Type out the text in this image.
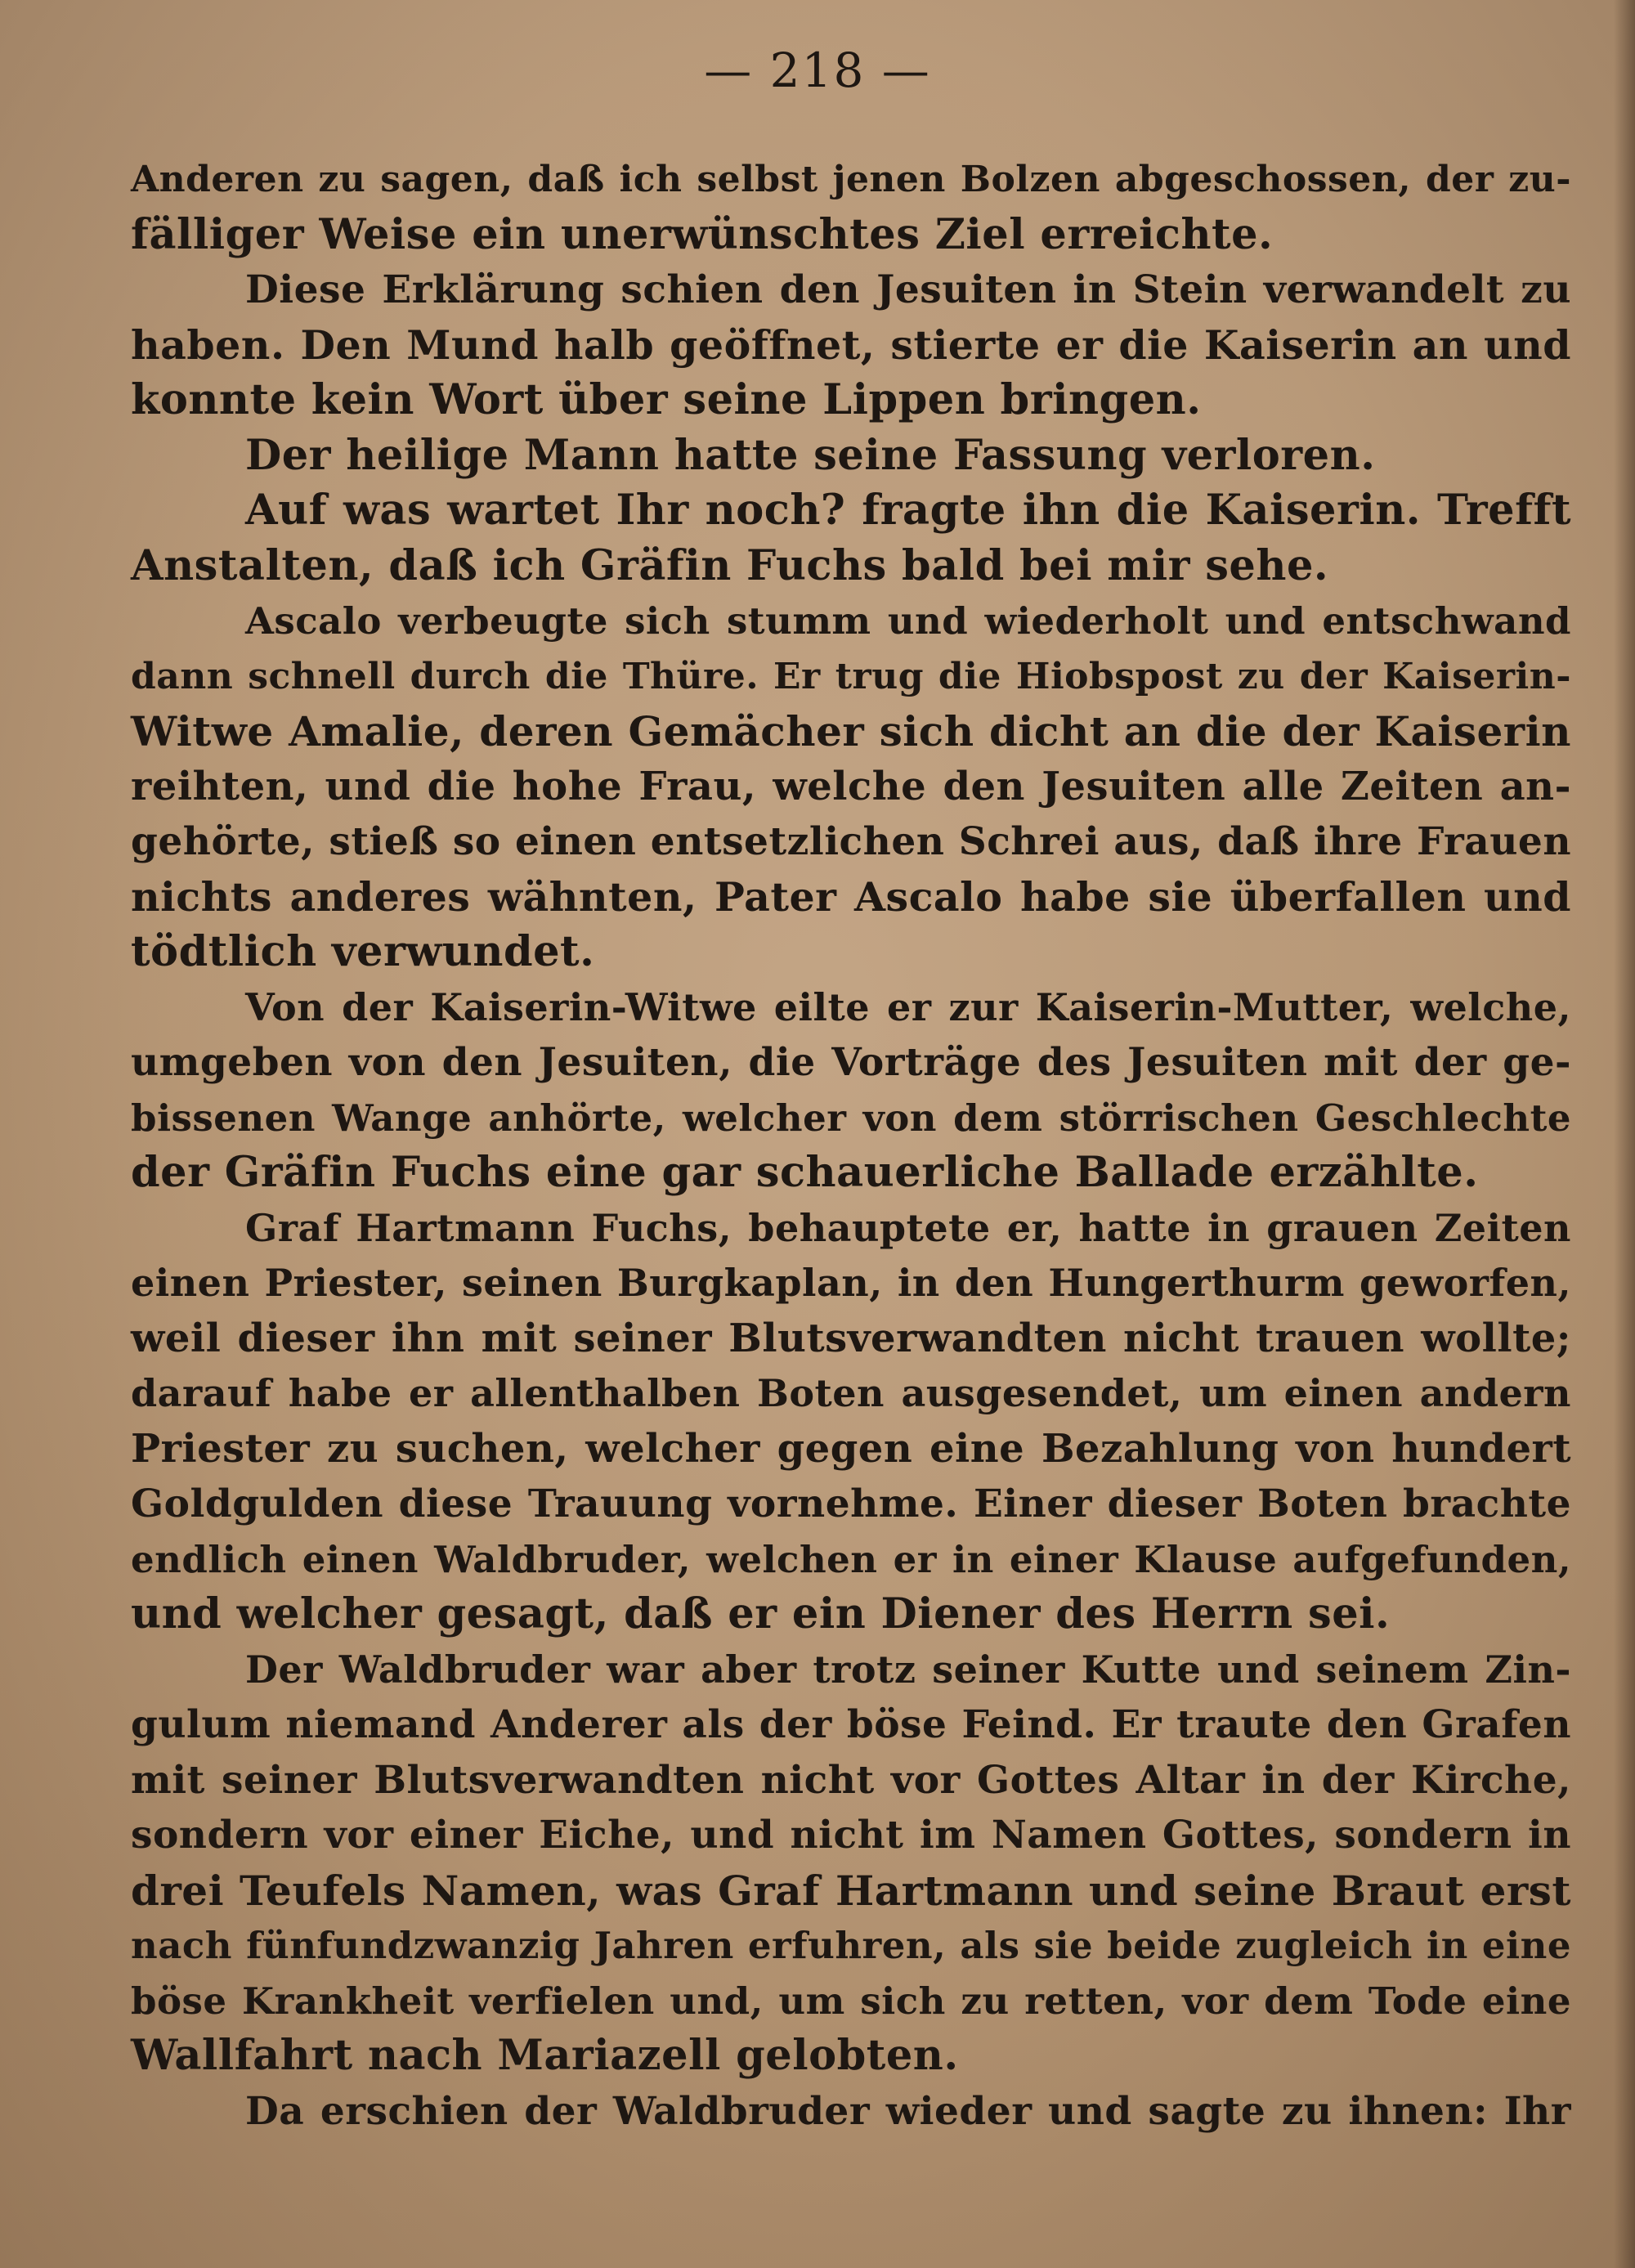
— 218 —
Anderen zu sagen, daß ich selbst jenen Bolzen abgeschossen, der zu-
fälliger Weise ein unerwünschtes Ziel erreichte.
Diese Erklärung schien den Jesuiten in Stein verwandelt zu
haben. Den Mund halb geöffnet, stierte er die Kaiserin an und
konnte kein Wort über seine Lippen bringen.
Der heilige Mann hatte seine Fassung verloren.
Auf was wartet Ihr noch? fragte ihn die Kaiserin. Trefft
Anstalten, daß ich Gräfin Fuchs bald bei mir sehe.
Ascalo verbeugte sich stumm und wiederholt und entschwand
dann schnell durch die Thüre. Er trug die Hiobspost zu der Kaiserin-
Witwe Amalie, deren Gemächer sich dicht an die der Kaiserin
reihten, und die hohe Frau, welche den Jesuiten alle Zeiten an-
gehörte, stieß so einen entsetzlichen Schrei aus, daß ihre Frauen
nichts anderes wähnten, Pater Ascalo habe sie überfallen und
tödtlich verwundet.
Von der Kaiserin-Witwe eilte er zur Kaiserin-Mutter, welche,
umgeben von den Jesuiten, die Vorträge des Jesuiten mit der ge-
bissenen Wange anhörte, welcher von dem störrischen Geschlechte
der Gräfin Fuchs eine gar schauerliche Ballade erzählte.
Graf Hartmann Fuchs, behauptete er, hatte in grauen Zeiten
einen Priester, seinen Burgkaplan, in den Hungerthurm geworfen,
weil dieser ihn mit seiner Blutsverwandten nicht trauen wollte;
darauf habe er allenthalben Boten ausgesendet, um einen andern
Priester zu suchen, welcher gegen eine Bezahlung von hundert
Goldgulden diese Trauung vornehme. Einer dieser Boten brachte
endlich einen Waldbruder, welchen er in einer Klause aufgefunden,
und welcher gesagt, daß er ein Diener des Herrn sei.
Der Waldbruder war aber trotz seiner Kutte und seinem Zin-
gulum niemand Anderer als der böse Feind. Er traute den Grafen
mit seiner Blutsverwandten nicht vor Gottes Altar in der Kirche,
sondern vor einer Eiche, und nicht im Namen Gottes, sondern in
drei Teufels Namen, was Graf Hartmann und seine Braut erst
nach fünfundzwanzig Jahren erfuhren, als sie beide zugleich in eine
böse Krankheit verfielen und, um sich zu retten, vor dem Tode eine
Wallfahrt nach Mariazell gelobten.
Da erschien der Waldbruder wieder und sagte zu ihnen: Ihr
